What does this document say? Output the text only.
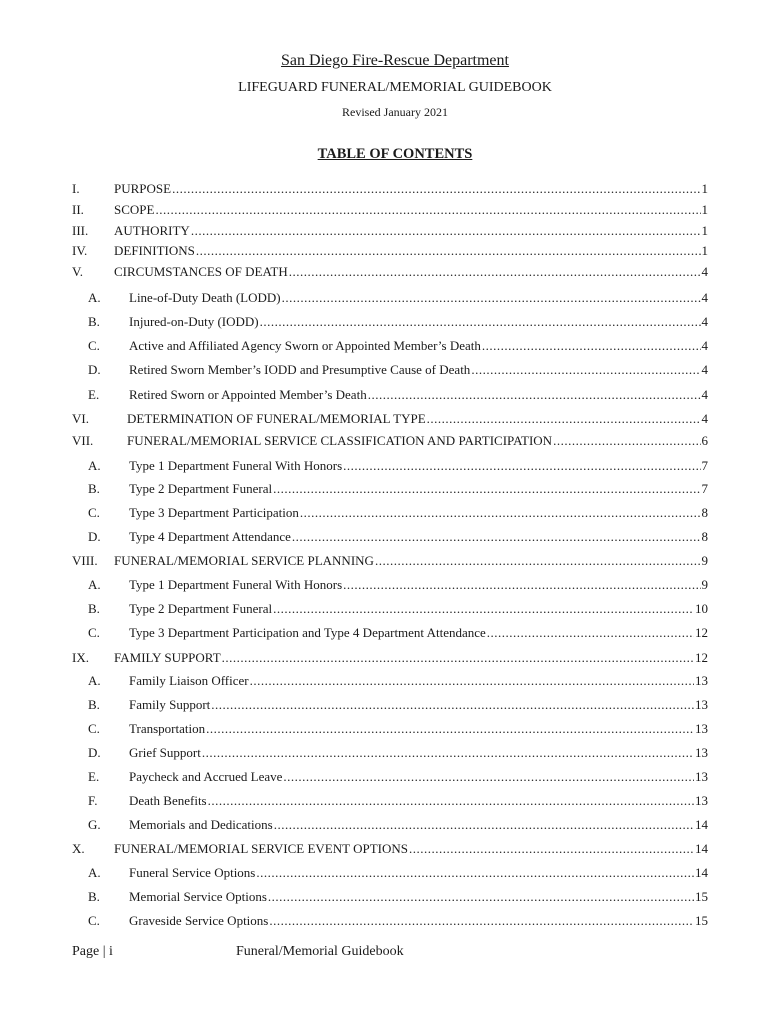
San Diego Fire-Rescue Department
LIFEGUARD FUNERAL/MEMORIAL GUIDEBOOK
Revised January 2021
TABLE OF CONTENTS
I.	PURPOSE .....	1
II. SCOPE .....	1
III. AUTHORITY .....	1
IV. DEFINITIONS .....	1
V. CIRCUMSTANCES OF DEATH .....	4
A. Line-of-Duty Death (LODD) .....	4
B. Injured-on-Duty (IODD) .....	4
C. Active and Affiliated Agency Sworn or Appointed Member’s Death .....	4
D. Retired Sworn Member’s IODD and Presumptive Cause of Death .....	4
E. Retired Sworn or Appointed Member’s Death .....	4
VI.	DETERMINATION OF FUNERAL/MEMORIAL TYPE .....	4
VII.	FUNERAL/MEMORIAL SERVICE CLASSIFICATION AND PARTICIPATION .....	6
A. Type 1 Department Funeral With Honors .....	7
B. Type 2 Department Funeral .....	7
C. Type 3 Department Participation .....	8
D. Type 4 Department Attendance .....	8
VIII. FUNERAL/MEMORIAL SERVICE PLANNING .....	9
A. Type 1 Department Funeral With Honors .....	9
B. Type 2 Department Funeral .....	10
C. Type 3 Department Participation and Type 4 Department Attendance .....	12
IX. FAMILY SUPPORT .....	12
A. Family Liaison Officer .....	13
B. Family Support .....	13
C. Transportation .....	13
D. Grief Support .....	13
E. Paycheck and Accrued Leave .....	13
F. Death Benefits .....	13
G. Memorials and Dedications .....	14
X. FUNERAL/MEMORIAL SERVICE EVENT OPTIONS .....	14
A. Funeral Service Options .....	14
B. Memorial Service Options .....	15
C. Graveside Service Options .....	15
Page | i	Funeral/Memorial Guidebook
